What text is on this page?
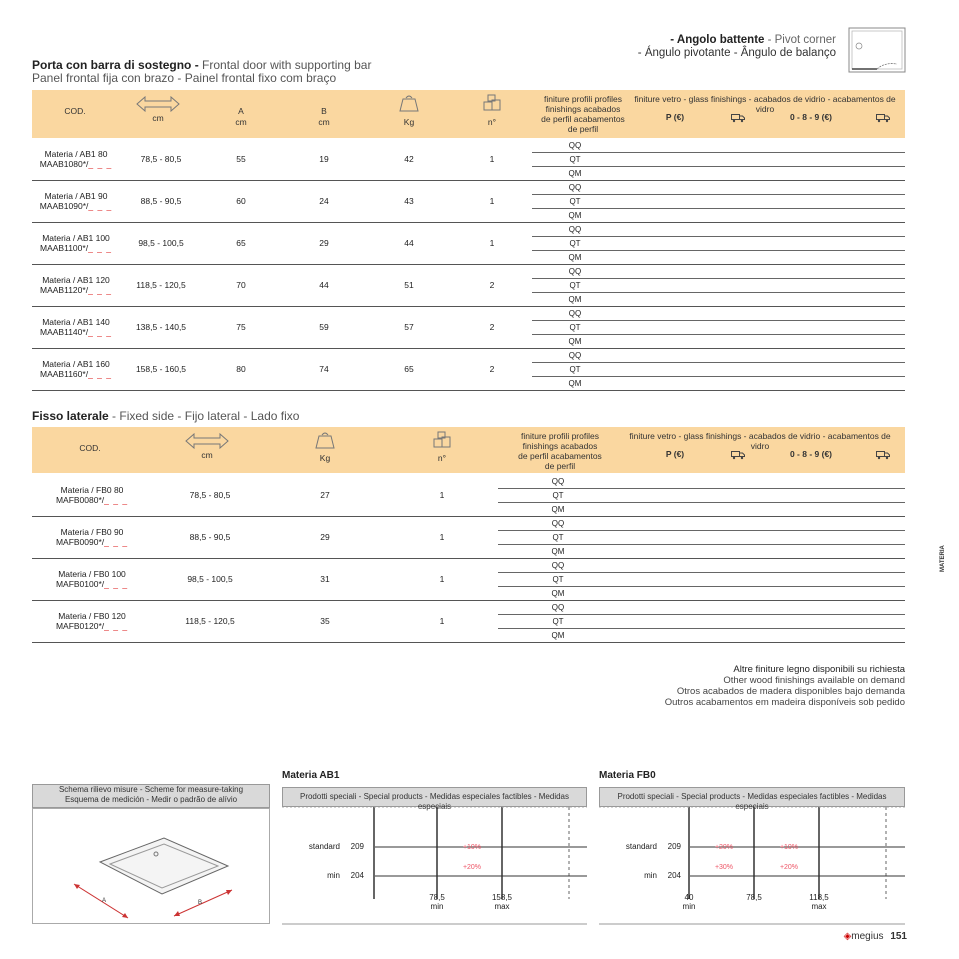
- Angolo battente - Pivot corner
- Ángulo pivotante - Ângulo de balanço
Porta con barra di sostegno - Frontal door with supporting bar
Panel frontal fija con brazo - Painel frontal fixo com braço
COD.
cm
A
cm
B
cm	Kg	n°
finiture profili profiles finishings acabados de perfil acabamentos de perfil
finiture vetro - glass finishings - acabados de vidrio - acabamentos de vidro
P (€)	0 - 8 - 9 (€)
Materia / AB1 80
MAAB1080*/_ _ _	78,5 - 80,5	55	19	42	1
QQ
QT
QM
Materia / AB1 90
MAAB1090*/_ _ _	88,5 - 90,5	60	24	43	1
QQ
QT
QM
Materia / AB1 100
MAAB1100*/_ _ _	98,5 - 100,5	65	29	44	1
QQ
QT
QM
Materia / AB1 120
MAAB1120*/_ _ _	118,5 - 120,5	70	44	51	2
QQ
QT
QM
Materia / AB1 140
MAAB1140*/_ _ _	138,5 - 140,5	75	59	57	2
QQ
QT
QM
Materia / AB1 160
MAAB1160*/_ _ _	158,5 - 160,5	80	74	65	2
QQ
QT
QM
Fisso laterale - Fixed side - Fijo lateral - Lado fixo
COD.
cm	Kg	n°
finiture profili profiles finishings acabados de perfil acabamentos de perfil
finiture vetro - glass finishings - acabados de vidrio - acabamentos de vidro
P (€)	0 - 8 - 9 (€)
Materia / FB0 80
MAFB0080*/_ _ _	78,5 - 80,5	27	1
QQ
QT
QM
Materia / FB0 90
MAFB0090*/_ _ _	88,5 - 90,5	29	1
QQ
QT
QM
Materia / FB0 100
MAFB0100*/_ _ _	98,5 - 100,5	31	1
QQ
QT
QM
Materia / FB0 120
MAFB0120*/_ _ _	118,5 - 120,5	35	1
QQ
QT
QM
Altre finiture legno disponibili su richiesta
Other wood finishings available on demand
Otros acabados de madera disponibles bajo demanda
Outros acabamentos em madeira disponíveis sob pedido
MATERIA
Schema rilievo misure - Scheme for measure-taking
Esquema de medición - Medir o padrão de alívio
A	B
Materia AB1
Prodotti speciali - Special products - Medidas especiales factibles - Medidas especiais
standard 209
min 204
+10%
+20%
78,5
min
158,5
max
Materia FB0
Prodotti speciali - Special products - Medidas especiales factibles - Medidas especiais
standard 209
min 204
+20%	+10%
+30%	+20%
40
min
78,5	118,5
max
◈megius 151
